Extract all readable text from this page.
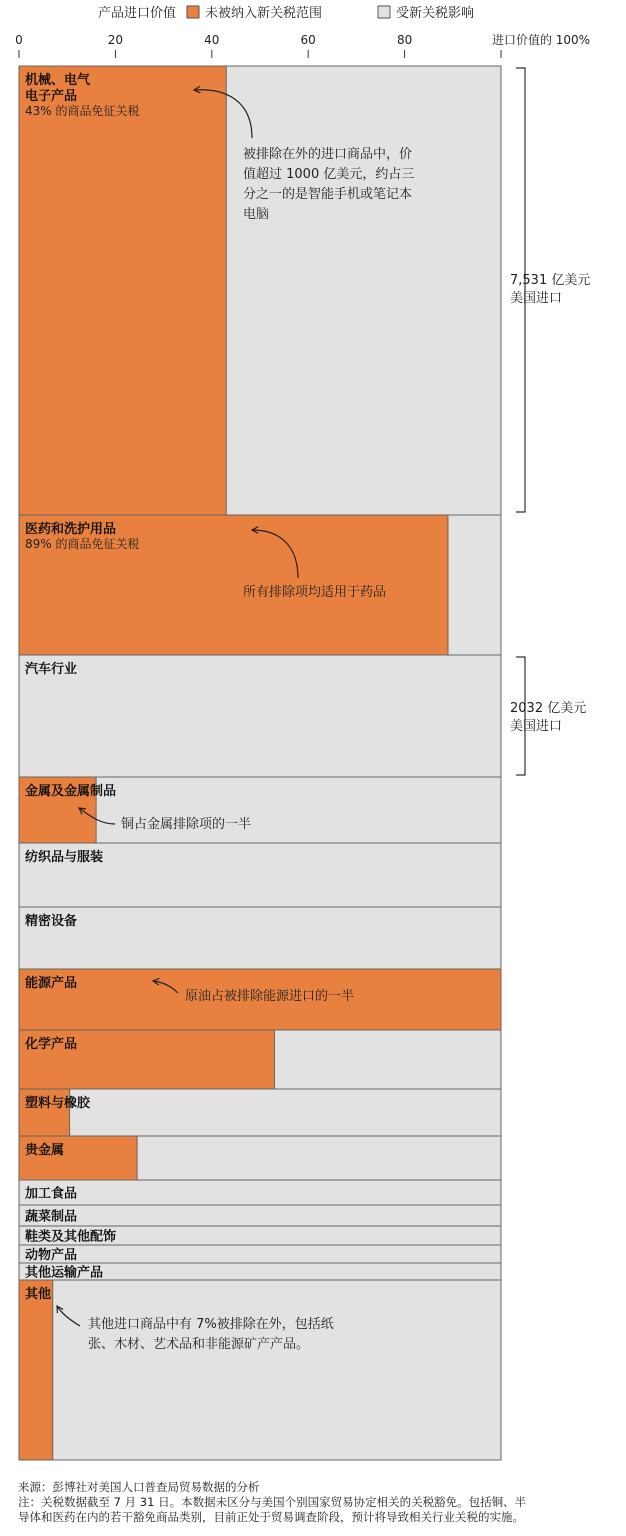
产品进口价值 未被纳入新关税范围	受新关税影响
0	20	40	60	80	进口价值的 100%
机械、电气电子产品
43% 的商品免征关税
医药和洗护用品
89% 的商品免征关税
汽车行业
金属及金属制品
纺织品与服装
精密设备
能源产品
化学产品
塑料与橡胶
贵金属
加工食品
蔬菜制品
鞋类及其他配饰
动物产品
其他运输产品
其他
被排除在外的进口商品中，价值超过 1000 亿美元，约占三分之一的是智能手机或笔记本电脑
所有排除项均适用于药品
铜占金属排除项的一半
原油占被排除能源进口的一半
其他进口商品中有 7%被排除在外，包括纸张、木材、艺术品和非能源矿产产品。
7,531 亿美元美国进口
2032 亿美元美国进口
来源：彭博社对美国人口普查局贸易数据的分析
注：关税数据截至 7 月 31 日。本数据未区分与美国个别国家贸易协定相关的关税豁免。包括铜、半
导体和医药在内的若干豁免商品类别，目前正处于贸易调查阶段，预计将导致相关行业关税的实施。
